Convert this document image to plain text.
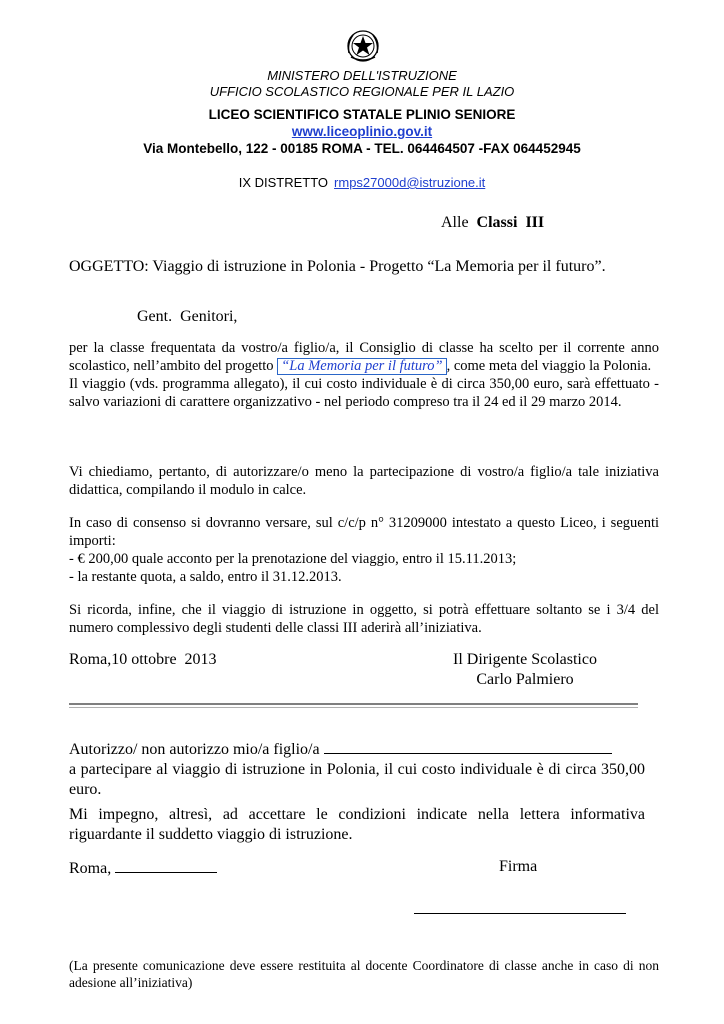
MINISTERO DELL'ISTRUZIONE
UFFICIO SCOLASTICO REGIONALE PER IL LAZIO
LICEO SCIENTIFICO STATALE PLINIO SENIORE
www.liceoplinio.gov.it
Via Montebello, 122 - 00185 ROMA - TEL. 064464507 -FAX 064452945
IX DISTRETTO rmps27000d@istruzione.it
Alle Classi  III
OGGETTO: Viaggio di istruzione in Polonia - Progetto “La Memoria per il futuro”.
Gent.  Genitori,

per la classe frequentata da vostro/a figlio/a, il Consiglio di classe ha scelto per il corrente anno scolastico, nell’ambito del progetto “La Memoria per il futuro” , come meta del viaggio la Polonia.

Il viaggio (vds. programma allegato), il cui costo individuale è di circa 350,00 euro, sarà effettuato - salvo variazioni di carattere organizzativo - nel periodo compreso tra il 24 ed il 29 marzo 2014.

Vi chiediamo, pertanto, di autorizzare/o meno la partecipazione di vostro/a figlio/a tale iniziativa didattica, compilando il modulo in calce.

In caso di consenso si dovranno versare, sul c/c/p n° 31209000 intestato a questo Liceo, i seguenti importi:

- € 200,00 quale acconto per la prenotazione del viaggio, entro il 15.11.2013;

- la restante quota, a saldo, entro il 31.12.2013.

Si ricorda, infine, che il viaggio di istruzione in oggetto, si potrà effettuare soltanto se i 3/4 del numero complessivo degli studenti delle classi III aderirà all’iniziativa.
Roma,10 ottobre  2013	Il Dirigente Scolastico
Carlo Palmiero

Autorizzo/ non autorizzo mio/a figlio/a

a partecipare al viaggio di istruzione in Polonia, il cui costo individuale è di circa 350,00 euro.

Mi impegno, altresì, ad accettare le condizioni indicate nella lettera informativa riguardante il suddetto viaggio di istruzione.

Roma,	Firma
(La presente comunicazione deve essere restituita al docente Coordinatore di classe anche in caso di non adesione all’iniziativa)
